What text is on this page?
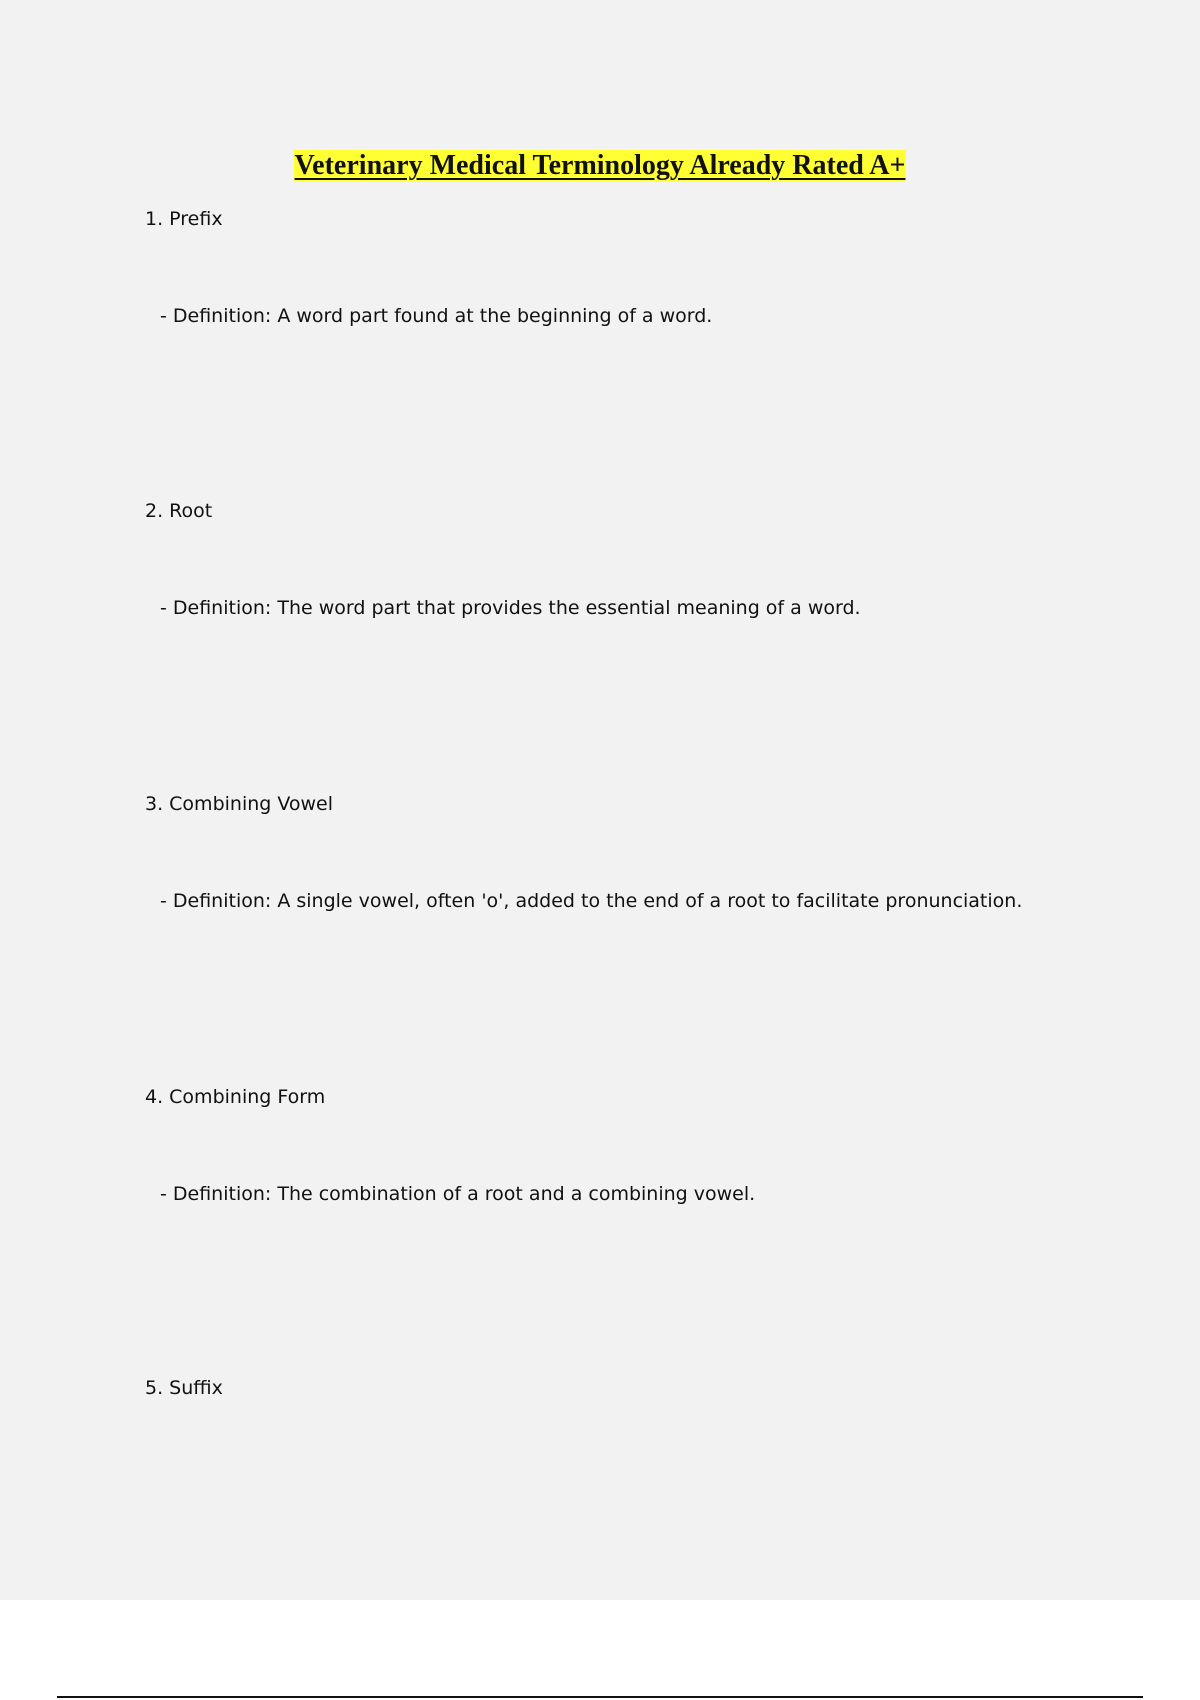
Veterinary Medical Terminology Already Rated A+
1. Prefix
- Definition: A word part found at the beginning of a word.
2. Root
- Definition: The word part that provides the essential meaning of a word.
3. Combining Vowel
- Definition: A single vowel, often 'o', added to the end of a root to facilitate pronunciation.
4. Combining Form
- Definition: The combination of a root and a combining vowel.
5. Suffix
